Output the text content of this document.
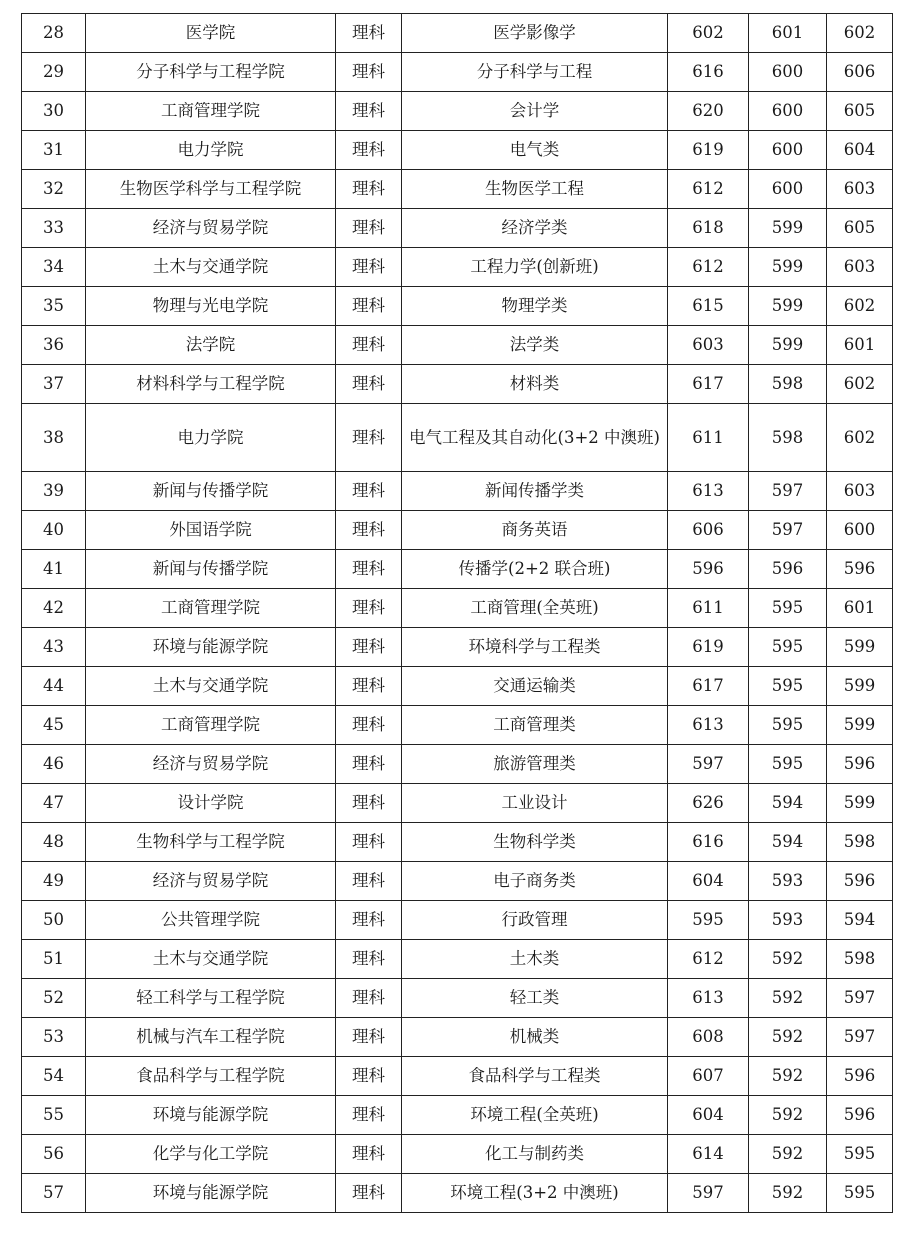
28	医学院	理科	医学影像学	602	601	602
29	分子科学与工程学院	理科	分子科学与工程	616	600	606
30	工商管理学院	理科	会计学	620	600	605
31	电力学院	理科	电气类	619	600	604
32	生物医学科学与工程学院	理科	生物医学工程	612	600	603
33	经济与贸易学院	理科	经济学类	618	599	605
34	土木与交通学院	理科	工程力学(创新班)	612	599	603
35	物理与光电学院	理科	物理学类	615	599	602
36	法学院	理科	法学类	603	599	601
37	材料科学与工程学院	理科	材料类	617	598	602
38	电力学院	理科	电气工程及其自动化(3+2 中澳班)	611	598	602
39	新闻与传播学院	理科	新闻传播学类	613	597	603
40	外国语学院	理科	商务英语	606	597	600
41	新闻与传播学院	理科	传播学(2+2 联合班)	596	596	596
42	工商管理学院	理科	工商管理(全英班)	611	595	601
43	环境与能源学院	理科	环境科学与工程类	619	595	599
44	土木与交通学院	理科	交通运输类	617	595	599
45	工商管理学院	理科	工商管理类	613	595	599
46	经济与贸易学院	理科	旅游管理类	597	595	596
47	设计学院	理科	工业设计	626	594	599
48	生物科学与工程学院	理科	生物科学类	616	594	598
49	经济与贸易学院	理科	电子商务类	604	593	596
50	公共管理学院	理科	行政管理	595	593	594
51	土木与交通学院	理科	土木类	612	592	598
52	轻工科学与工程学院	理科	轻工类	613	592	597
53	机械与汽车工程学院	理科	机械类	608	592	597
54	食品科学与工程学院	理科	食品科学与工程类	607	592	596
55	环境与能源学院	理科	环境工程(全英班)	604	592	596
56	化学与化工学院	理科	化工与制药类	614	592	595
57	环境与能源学院	理科	环境工程(3+2 中澳班)	597	592	595
